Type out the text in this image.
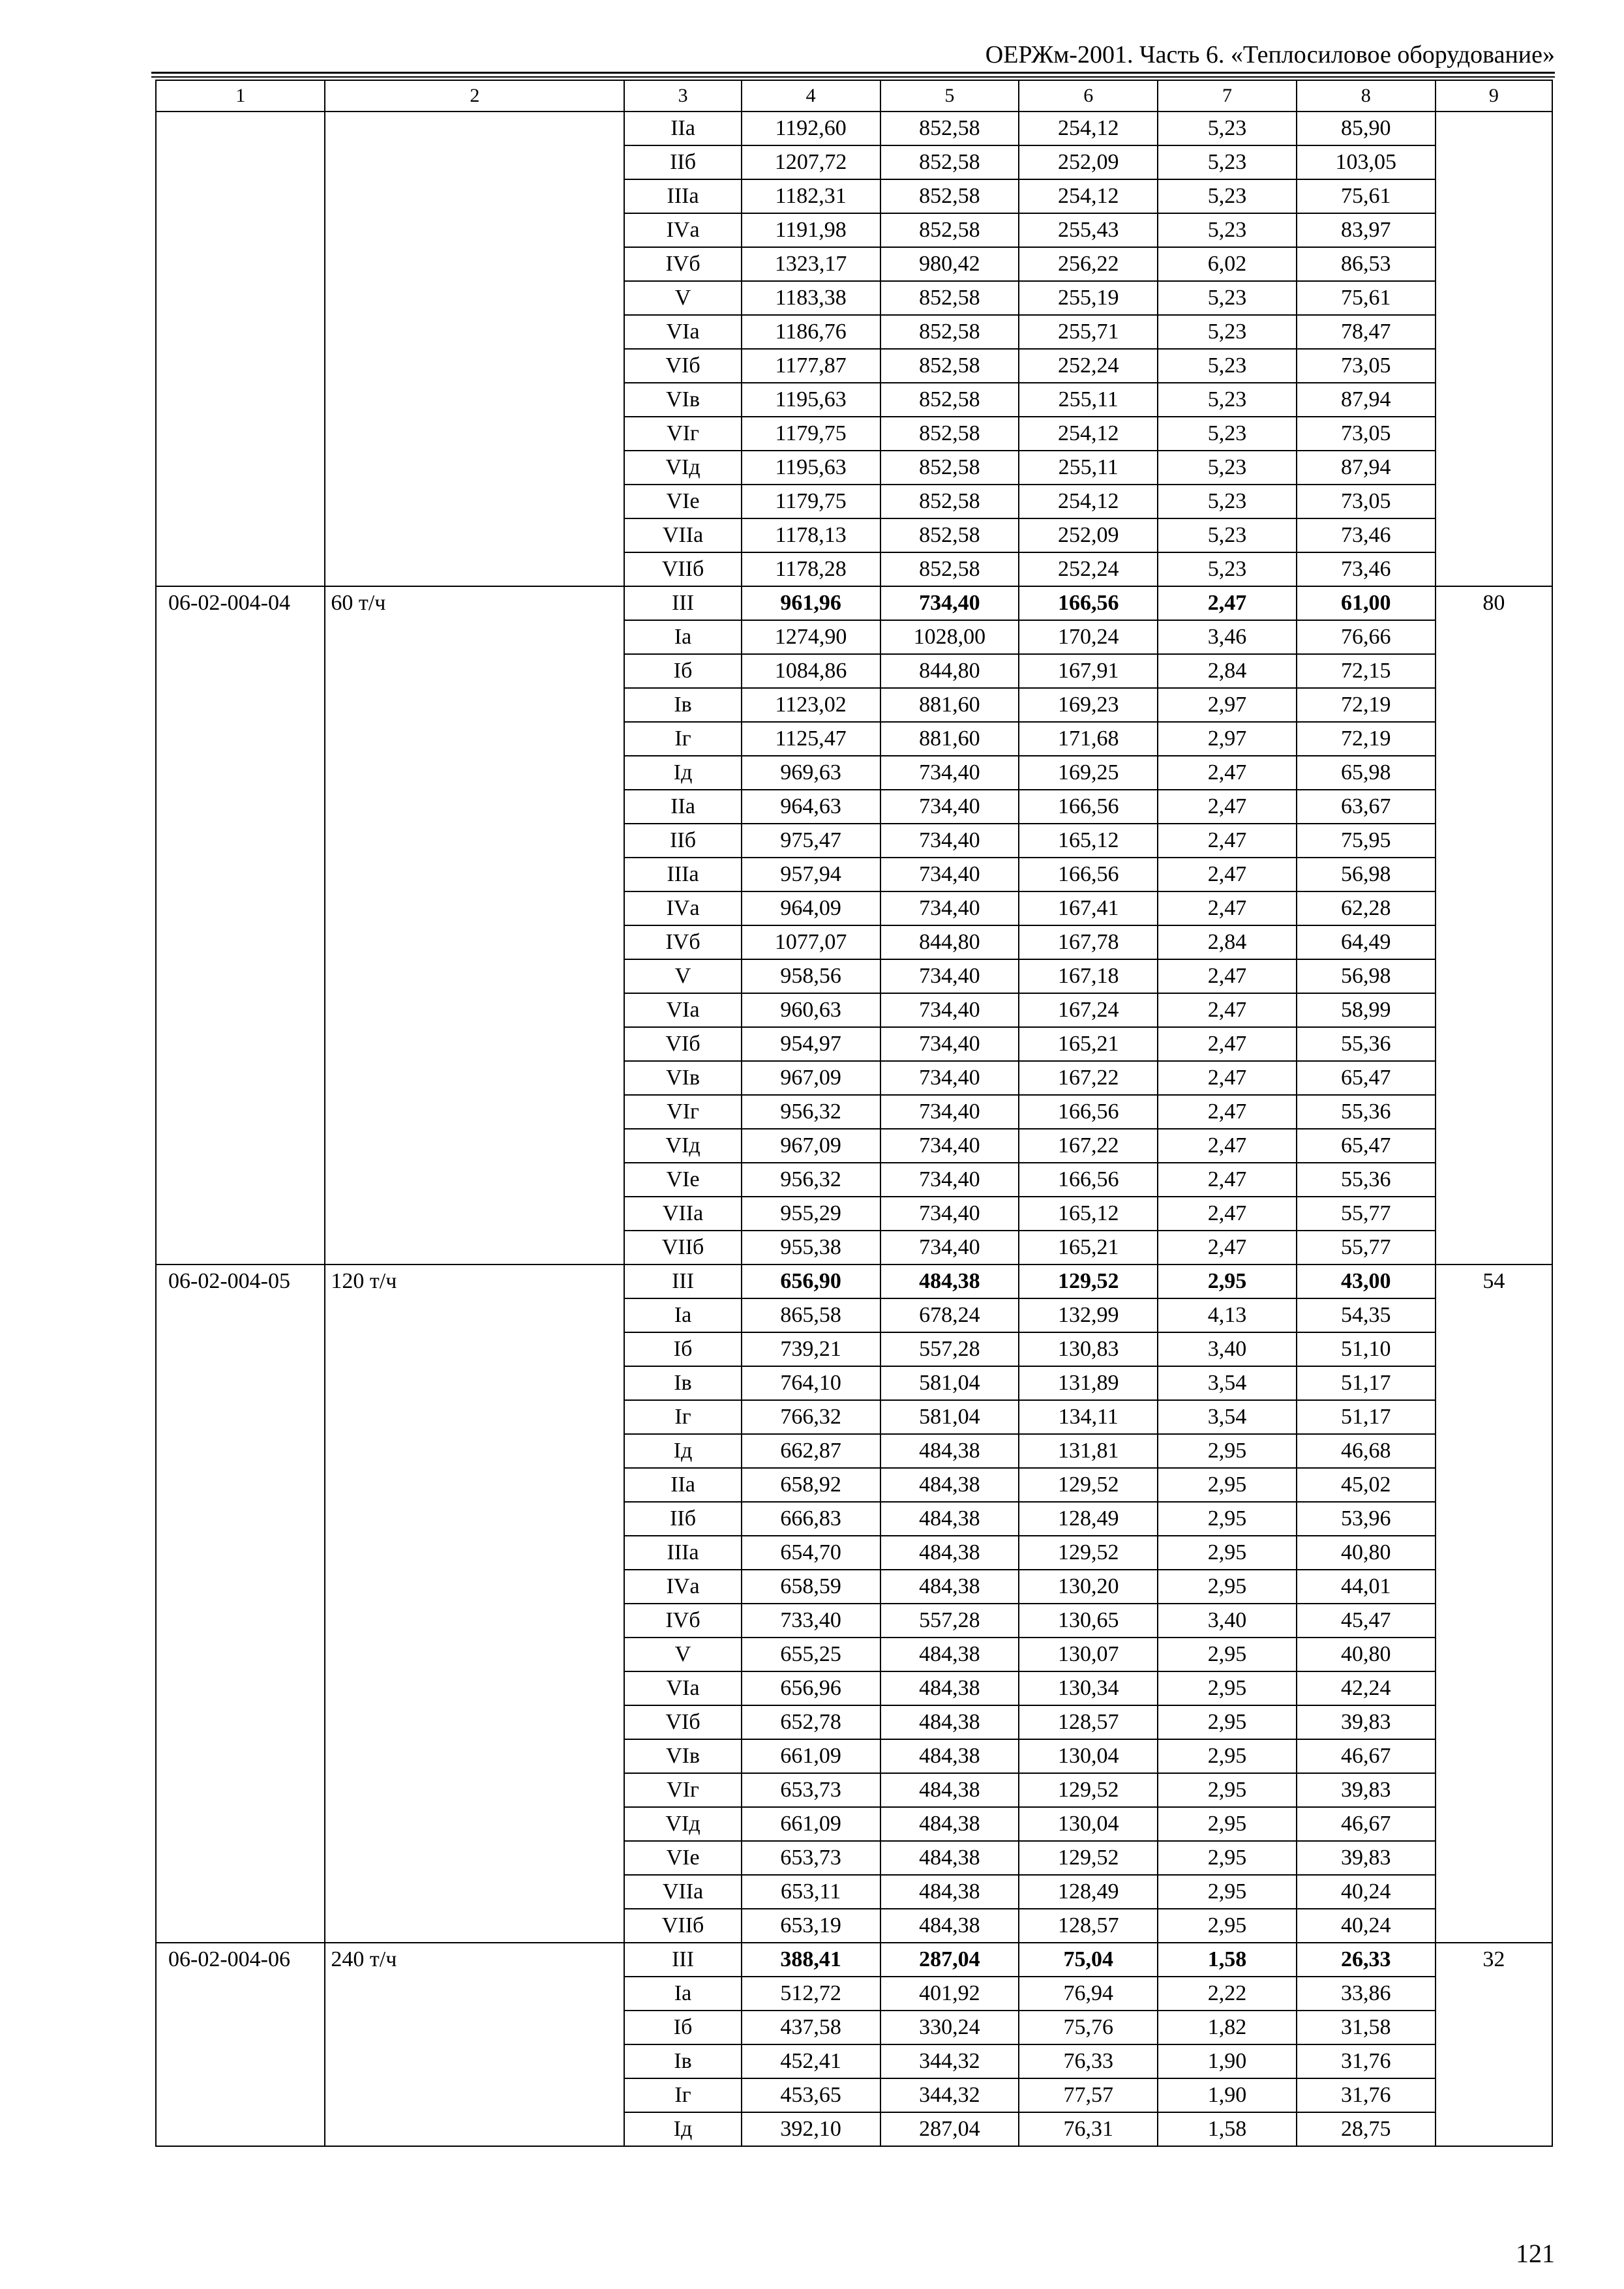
ОЕРЖм-2001. Часть 6. «Теплосиловое оборудование»
1	2	3	4	5	6	7	8	9
		IIа	1192,60	852,58	254,12	5,23	85,90	
		IIб	1207,72	852,58	252,09	5,23	103,05	
		IIIа	1182,31	852,58	254,12	5,23	75,61	
		IVа	1191,98	852,58	255,43	5,23	83,97	
		IVб	1323,17	980,42	256,22	6,02	86,53	
		V	1183,38	852,58	255,19	5,23	75,61	
		VIа	1186,76	852,58	255,71	5,23	78,47	
		VIб	1177,87	852,58	252,24	5,23	73,05	
		VIв	1195,63	852,58	255,11	5,23	87,94	
		VIг	1179,75	852,58	254,12	5,23	73,05	
		VIд	1195,63	852,58	255,11	5,23	87,94	
		VIе	1179,75	852,58	254,12	5,23	73,05	
		VIIа	1178,13	852,58	252,09	5,23	73,46	
		VIIб	1178,28	852,58	252,24	5,23	73,46	
06-02-004-04	60 т/ч	III	961,96	734,40	166,56	2,47	61,00	80
		Iа	1274,90	1028,00	170,24	3,46	76,66	
		Iб	1084,86	844,80	167,91	2,84	72,15	
		Iв	1123,02	881,60	169,23	2,97	72,19	
		Iг	1125,47	881,60	171,68	2,97	72,19	
		Iд	969,63	734,40	169,25	2,47	65,98	
		IIа	964,63	734,40	166,56	2,47	63,67	
		IIб	975,47	734,40	165,12	2,47	75,95	
		IIIа	957,94	734,40	166,56	2,47	56,98	
		IVа	964,09	734,40	167,41	2,47	62,28	
		IVб	1077,07	844,80	167,78	2,84	64,49	
		V	958,56	734,40	167,18	2,47	56,98	
		VIа	960,63	734,40	167,24	2,47	58,99	
		VIб	954,97	734,40	165,21	2,47	55,36	
		VIв	967,09	734,40	167,22	2,47	65,47	
		VIг	956,32	734,40	166,56	2,47	55,36	
		VIд	967,09	734,40	167,22	2,47	65,47	
		VIе	956,32	734,40	166,56	2,47	55,36	
		VIIа	955,29	734,40	165,12	2,47	55,77	
		VIIб	955,38	734,40	165,21	2,47	55,77	
06-02-004-05	120 т/ч	III	656,90	484,38	129,52	2,95	43,00	54
		Iа	865,58	678,24	132,99	4,13	54,35	
		Iб	739,21	557,28	130,83	3,40	51,10	
		Iв	764,10	581,04	131,89	3,54	51,17	
		Iг	766,32	581,04	134,11	3,54	51,17	
		Iд	662,87	484,38	131,81	2,95	46,68	
		IIа	658,92	484,38	129,52	2,95	45,02	
		IIб	666,83	484,38	128,49	2,95	53,96	
		IIIа	654,70	484,38	129,52	2,95	40,80	
		IVа	658,59	484,38	130,20	2,95	44,01	
		IVб	733,40	557,28	130,65	3,40	45,47	
		V	655,25	484,38	130,07	2,95	40,80	
		VIа	656,96	484,38	130,34	2,95	42,24	
		VIб	652,78	484,38	128,57	2,95	39,83	
		VIв	661,09	484,38	130,04	2,95	46,67	
		VIг	653,73	484,38	129,52	2,95	39,83	
		VIд	661,09	484,38	130,04	2,95	46,67	
		VIе	653,73	484,38	129,52	2,95	39,83	
		VIIа	653,11	484,38	128,49	2,95	40,24	
		VIIб	653,19	484,38	128,57	2,95	40,24	
06-02-004-06	240 т/ч	III	388,41	287,04	75,04	1,58	26,33	32
		Iа	512,72	401,92	76,94	2,22	33,86	
		Iб	437,58	330,24	75,76	1,82	31,58	
		Iв	452,41	344,32	76,33	1,90	31,76	
		Iг	453,65	344,32	77,57	1,90	31,76	
		Iд	392,10	287,04	76,31	1,58	28,75	
121
